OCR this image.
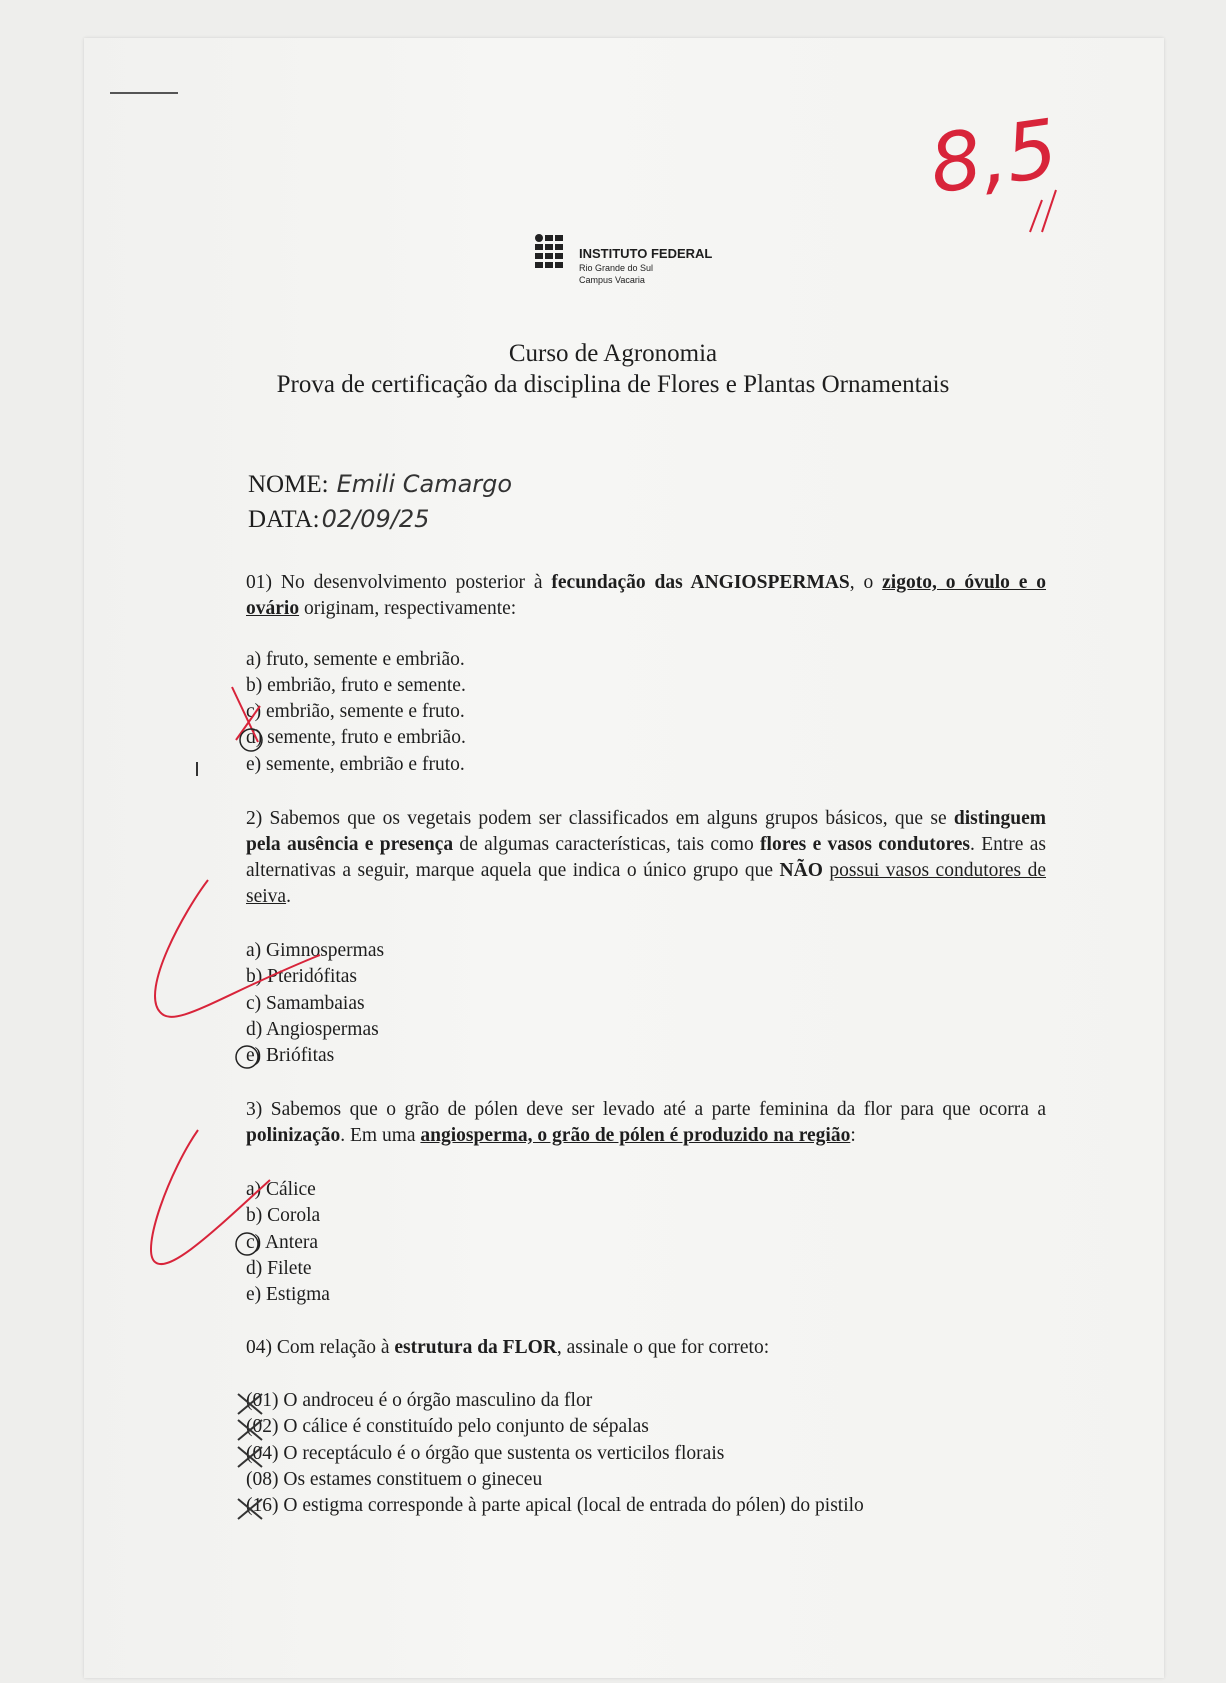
INSTITUTO FEDERAL
Rio Grande do Sul
Campus Vacaria
Curso de Agronomia
Prova de certificação da disciplina de Flores e Plantas Ornamentais
NOME: Emili Camargo
DATA:02/09/25
8,5
01) No desenvolvimento posterior à fecundação das ANGIOSPERMAS, o zigoto, o óvulo e o ovário originam, respectivamente:
a) fruto, semente e embrião.
b) embrião, fruto e semente.
c) embrião, semente e fruto.
d) semente, fruto e embrião.
e) semente, embrião e fruto.
2) Sabemos que os vegetais podem ser classificados em alguns grupos básicos, que se distinguem pela ausência e presença de algumas características, tais como flores e vasos condutores. Entre as alternativas a seguir, marque aquela que indica o único grupo que NÃO possui vasos condutores de seiva.
a) Gimnospermas
b) Pteridófitas
c) Samambaias
d) Angiospermas
e) Briófitas
3) Sabemos que o grão de pólen deve ser levado até a parte feminina da flor para que ocorra a polinização. Em uma angiosperma, o grão de pólen é produzido na região:
a) Cálice
b) Corola
c) Antera
d) Filete
e) Estigma
04) Com relação à estrutura da FLOR, assinale o que for correto:
(01) O androceu é o órgão masculino da flor
(02) O cálice é constituído pelo conjunto de sépalas
(04) O receptáculo é o órgão que sustenta os verticilos florais
(08) Os estames constituem o gineceu
(16) O estigma corresponde à parte apical (local de entrada do pólen) do pistilo
